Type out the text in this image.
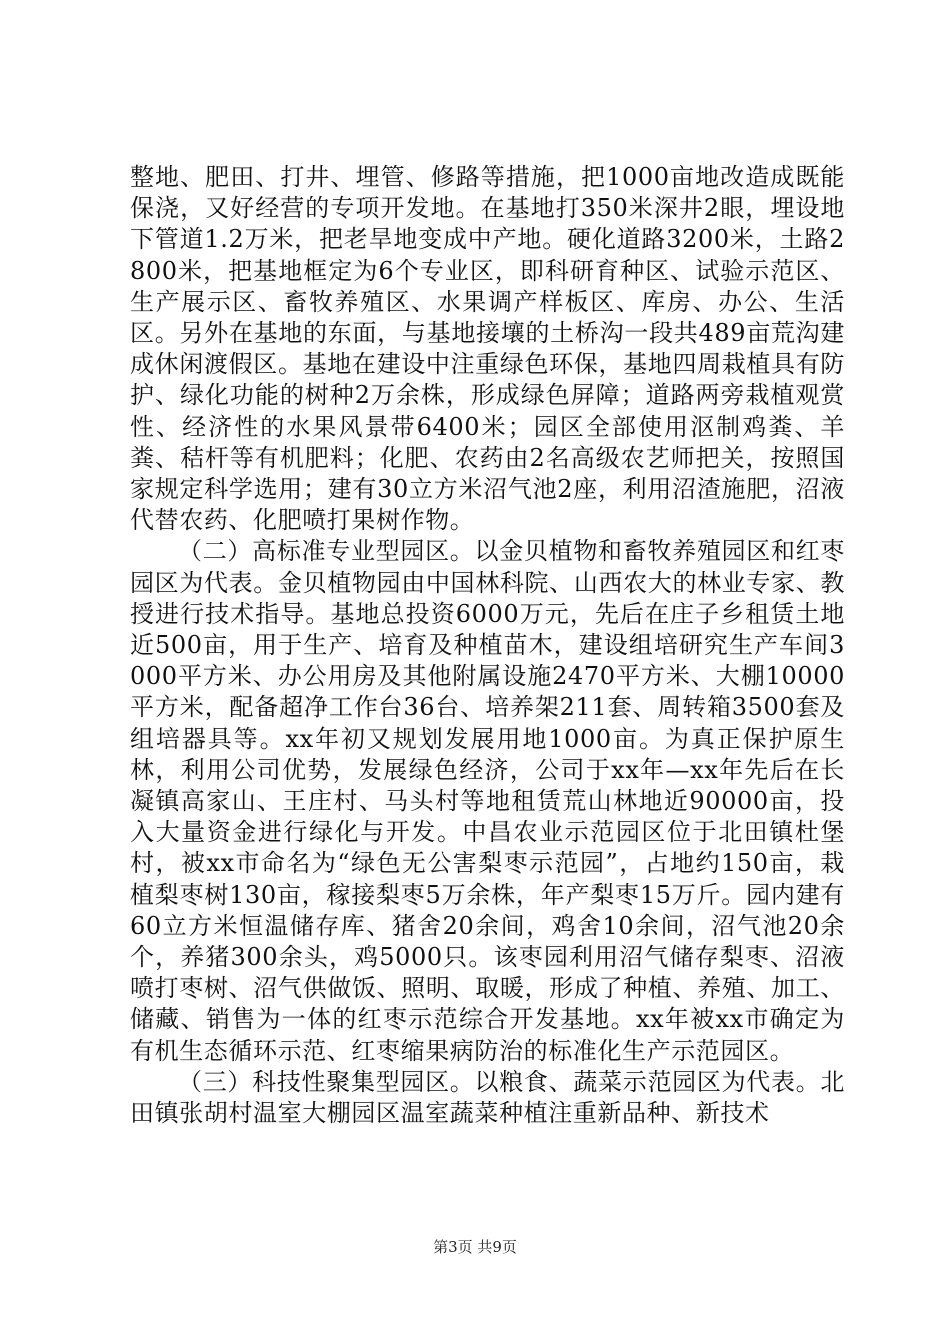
整地、肥田、打井、埋管、修路等措施，把1000亩地改造成既能保浇，又好经营的专项开发地。在基地打350米深井2眼，埋设地下管道1.2万米，把老旱地变成中产地。硬化道路3200米，土路2800米，把基地框定为6个专业区，即科研育种区、试验示范区、生产展示区、畜牧养殖区、水果调产样板区、库房、办公、生活区。另外在基地的东面，与基地接壤的土桥沟一段共489亩荒沟建成休闲渡假区。基地在建设中注重绿色环保，基地四周栽植具有防护、绿化功能的树种2万余株，形成绿色屏障；道路两旁栽植观赏性、经济性的水果风景带6400米；园区全部使用沤制鸡粪、羊粪、秸杆等有机肥料；化肥、农药由2名高级农艺师把关，按照国家规定科学选用；建有30立方米沼气池2座，利用沼渣施肥，沼液代替农药、化肥喷打果树作物。

（二）高标准专业型园区。以金贝植物和畜牧养殖园区和红枣园区为代表。金贝植物园由中国林科院、山西农大的林业专家、教授进行技术指导。基地总投资6000万元，先后在庄子乡租赁土地近500亩，用于生产、培育及种植苗木，建设组培研究生产车间3000平方米、办公用房及其他附属设施2470平方米、大棚10000平方米，配备超净工作台36台、培养架211套、周转箱3500套及组培器具等。xx年初又规划发展用地1000亩。为真正保护原生林，利用公司优势，发展绿色经济，公司于xx年—xx年先后在长凝镇高家山、王庄村、马头村等地租赁荒山林地近90000亩，投入大量资金进行绿化与开发。中昌农业示范园区位于北田镇杜堡村，被xx市命名为“绿色无公害梨枣示范园”，占地约150亩，栽植梨枣树130亩，稼接梨枣5万余株，年产梨枣15万斤。园内建有60立方米恒温储存库、猪舍20余间，鸡舍10余间，沼气池20余个，养猪300余头，鸡5000只。该枣园利用沼气储存梨枣、沼液喷打枣树、沼气供做饭、照明、取暖，形成了种植、养殖、加工、储藏、销售为一体的红枣示范综合开发基地。xx年被xx市确定为有机生态循环示范、红枣缩果病防治的标准化生产示范园区。

（三）科技性聚集型园区。以粮食、蔬菜示范园区为代表。北田镇张胡村温室大棚园区温室蔬菜种植注重新品种、新技术

第3页 共9页
